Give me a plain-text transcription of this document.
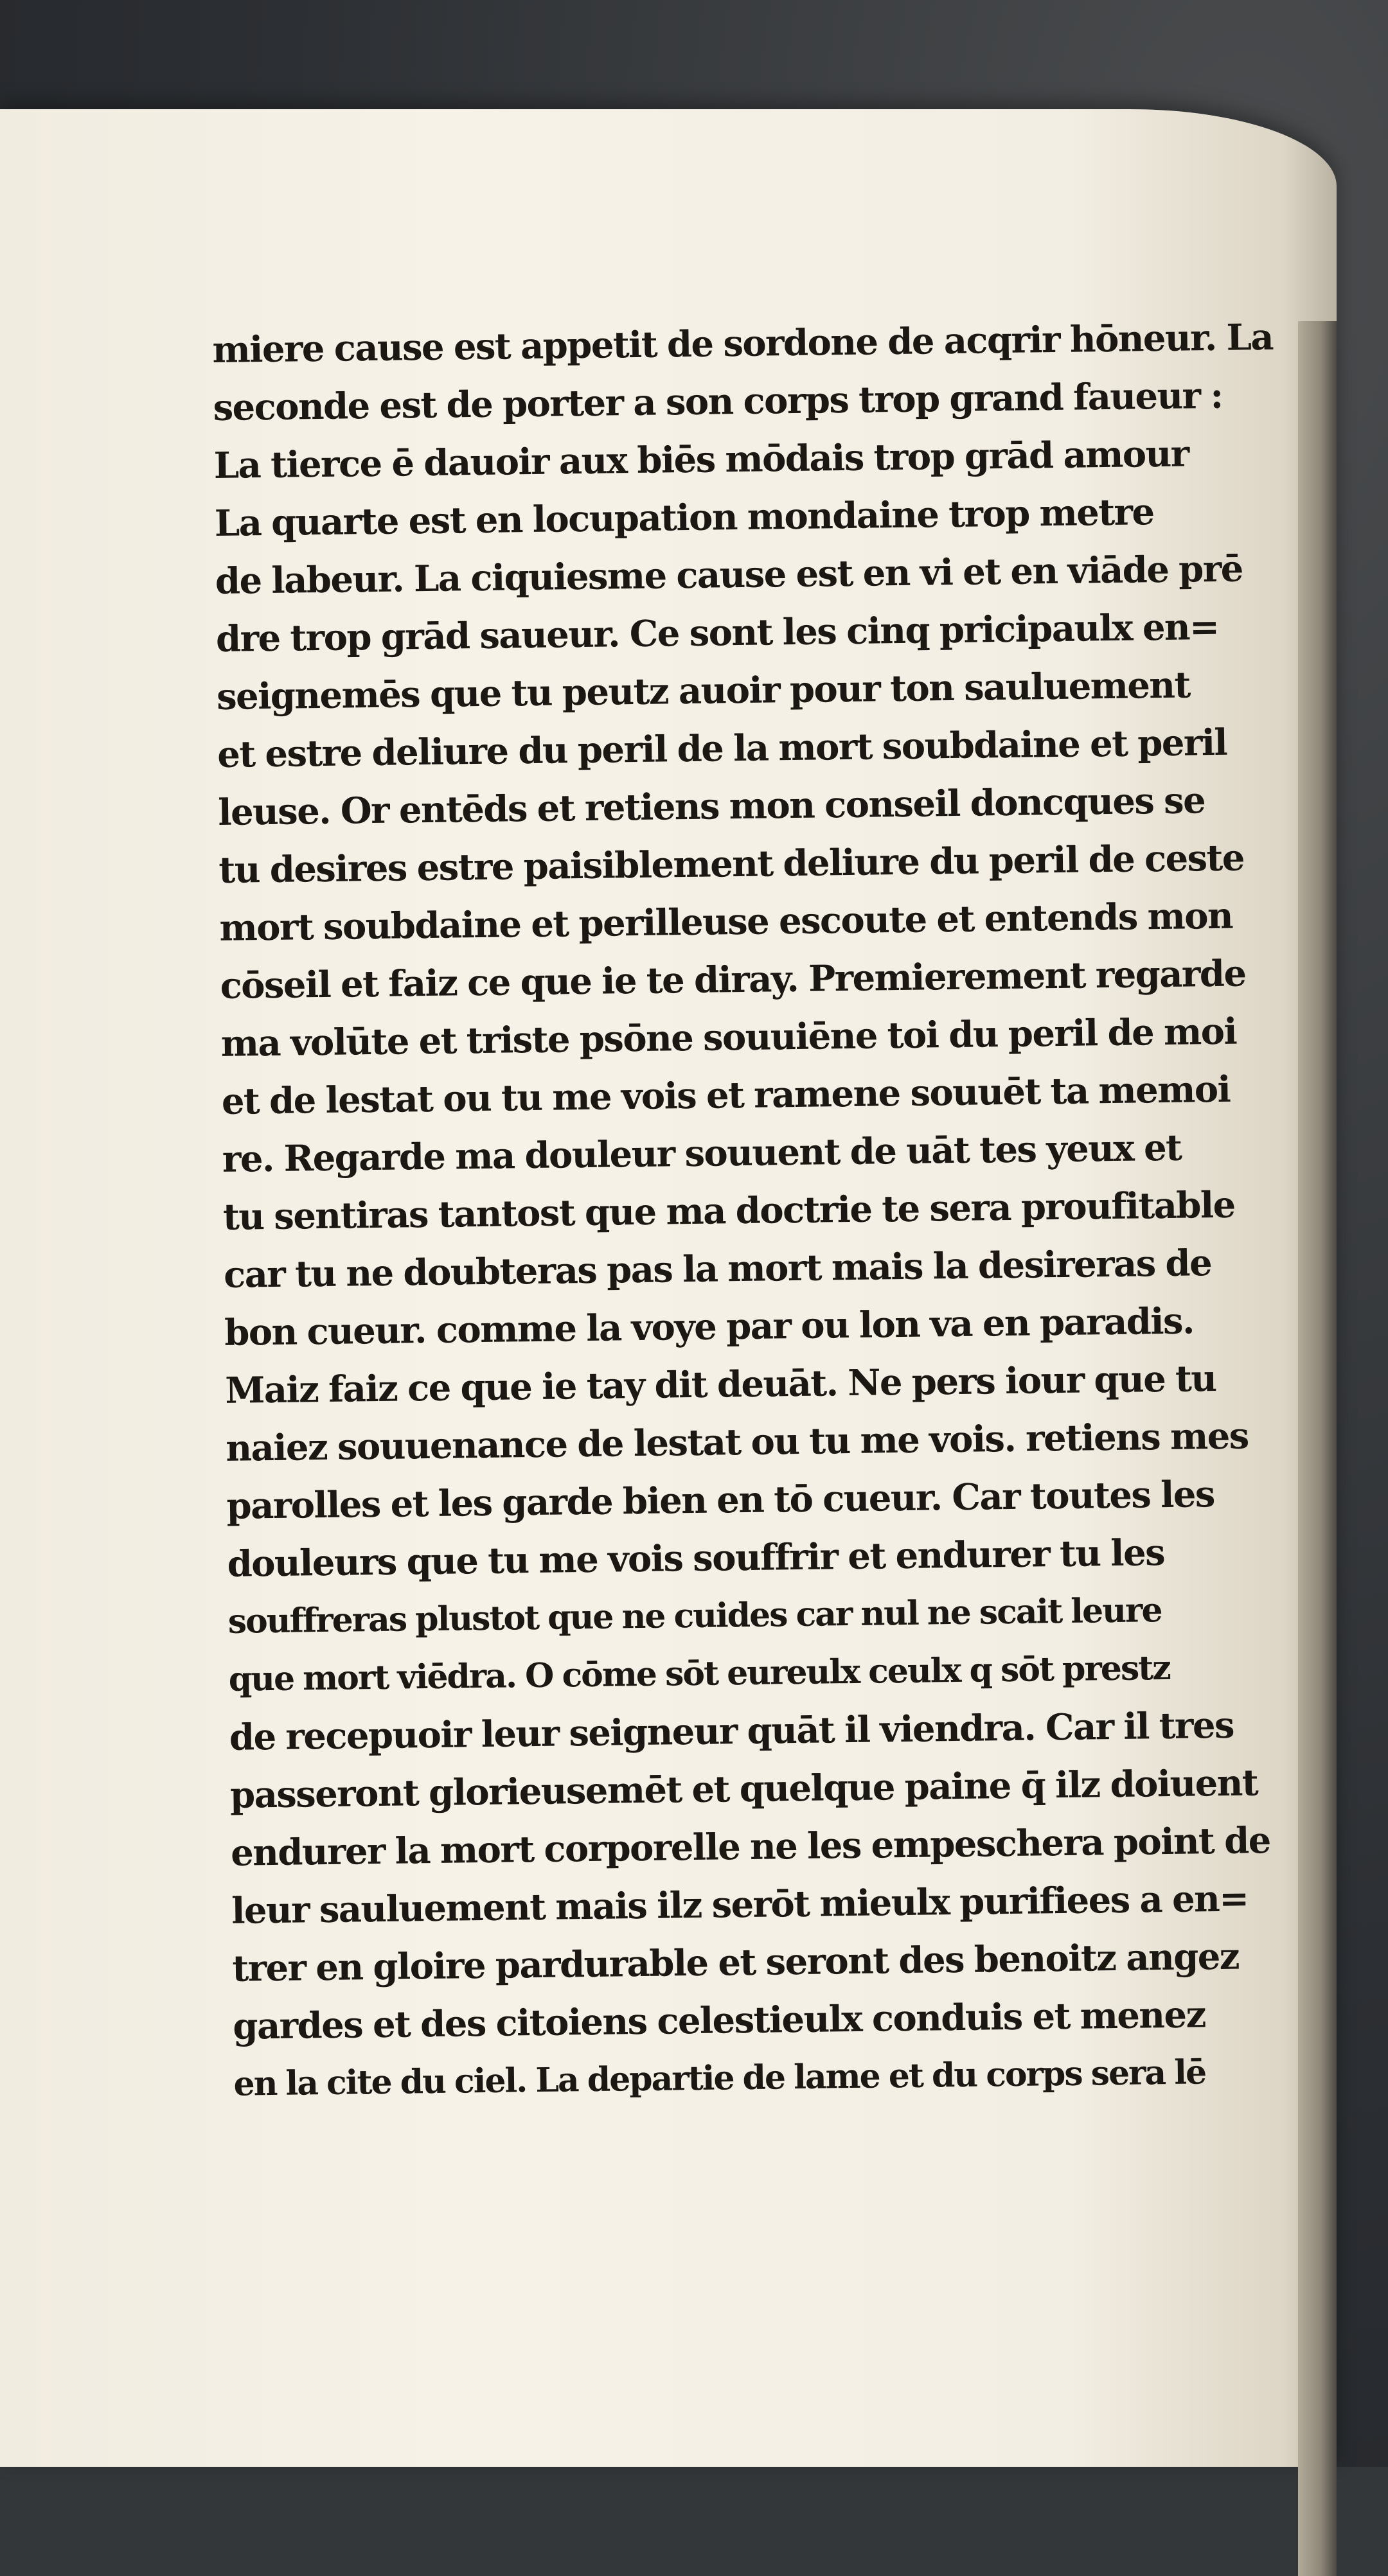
miere cause est appetit de sordone de acqrir hōneur. La
seconde est de porter a son corps trop grand faueur :
La tierce ē dauoir aux biēs mōdais trop grād amour
La quarte est en locupation mondaine trop metre
de labeur. La ciquiesme cause est en vi et en viāde prē
dre trop grād saueur. Ce sont les cinq pricipaulx en=
seignemēs que tu peutz auoir pour ton sauluement
et estre deliure du peril de la mort soubdaine et peril
leuse. Or entēds et retiens mon conseil doncques se
tu desires estre paisiblement deliure du peril de ceste
mort soubdaine et perilleuse escoute et entends mon
cōseil et faiz ce que ie te diray. Premierement regarde
ma volūte et triste psōne souuiēne toi du peril de moi
et de lestat ou tu me vois et ramene souuēt ta memoi
re. Regarde ma douleur souuent de uāt tes yeux et
tu sentiras tantost que ma doctrie te sera proufitable
car tu ne doubteras pas la mort mais la desireras de
bon cueur. comme la voye par ou lon va en paradis.
Maiz faiz ce que ie tay dit deuāt. Ne pers iour que tu
naiez souuenance de lestat ou tu me vois. retiens mes
parolles et les garde bien en tō cueur. Car toutes les
douleurs que tu me vois souffrir et endurer tu les
souffreras plustot que ne cuides car nul ne scait leure
que mort viēdra. O cōme sōt eureulx ceulx q sōt prestz
de recepuoir leur seigneur quāt il viendra. Car il tres
passeront glorieusemēt et quelque paine q̄ ilz doiuent
endurer la mort corporelle ne les empeschera point de
leur sauluement mais ilz serōt mieulx purifiees a en=
trer en gloire pardurable et seront des benoitz angez
gardes et des citoiens celestieulx conduis et menez
en la cite du ciel. La departie de lame et du corps sera lē
